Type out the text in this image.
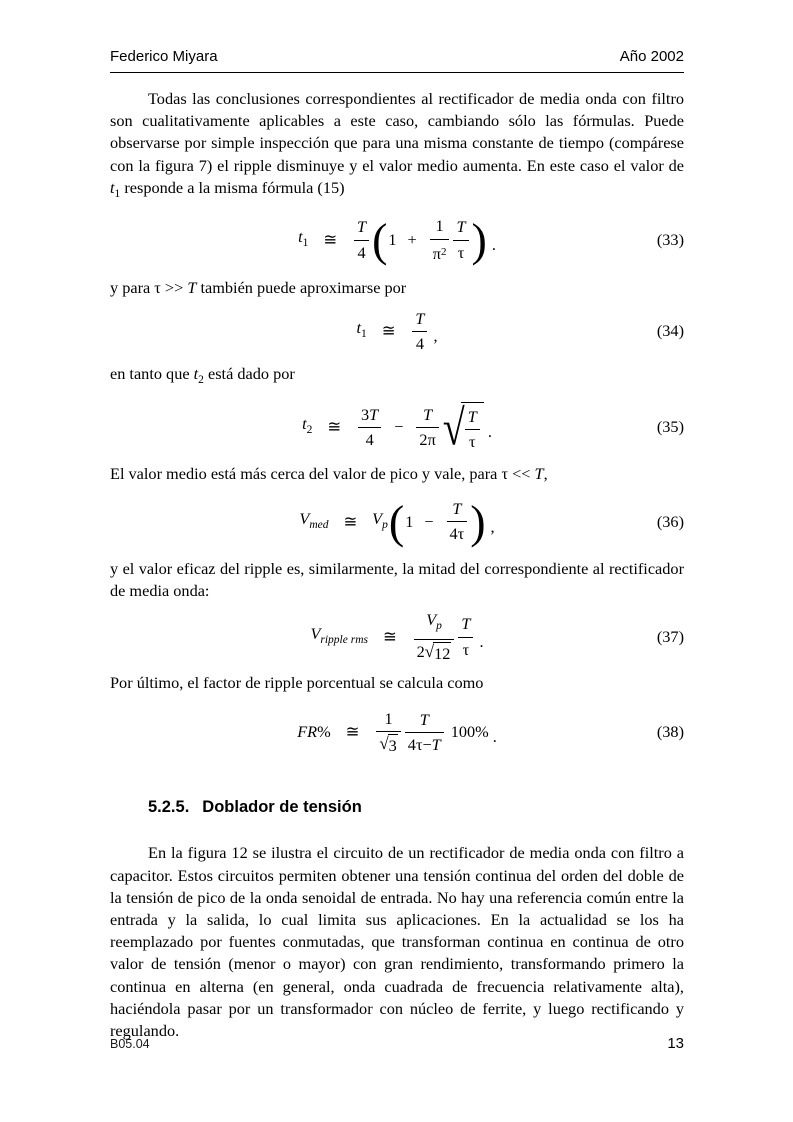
Federico Miyara	Año 2002

Todas las conclusiones correspondientes al rectificador de media onda con filtro son cualitativamente aplicables a este caso, cambiando sólo las fórmulas. Puede observarse por simple inspección que para una misma constante de tiempo (compárese con la figura 7) el ripple disminuye y el valor medio aumenta. En este caso el valor de $t_1$ responde a la misma fórmula (15)

$t_1$ ≅ $\frac{T}{4}$ ( $1 + \frac{1}{\pi^2} \frac{T}{\tau}$ ) .	(33)

y para τ >> T también puede aproximarse por

$t_1$ ≅ $\frac{T}{4}$ ,	(34)

en tanto que $t_2$ está dado por

$t_2$ ≅ $\frac{3T}{4} - \frac{T}{2\pi}$ √ $\frac{T}{\tau}$ .	(35)

El valor medio está más cerca del valor de pico y vale, para τ << T,

$V_{med}$ ≅ $V_p$ ( $1 - \frac{T}{4\tau}$ ) ,	(36)

y el valor eficaz del ripple es, similarmente, la mitad del correspondiente al rectificador de media onda:

$V_{ripple rms}$ ≅ $\frac{V_p}{2 √ 12} \frac{T}{\tau}$ .	(37)

Por último, el factor de ripple porcentual se calcula como

FR% ≅ $\frac{1}{√ 3} \frac{T}{4\tau-T} 100\%$ .	(38)

5.2.5. Doblador de tensión

En la figura 12 se ilustra el circuito de un rectificador de media onda con filtro a capacitor. Estos circuitos permiten obtener una tensión continua del orden del doble de la tensión de pico de la onda senoidal de entrada. No hay una referencia común entre la entrada y la salida, lo cual limita sus aplicaciones. En la actualidad se los ha reemplazado por fuentes conmutadas, que transforman continua en continua de otro valor de tensión (menor o mayor) con gran rendimiento, transformando primero la continua en alterna (en general, onda cuadrada de frecuencia relativamente alta), haciéndola pasar por un transformador con núcleo de ferrite, y luego rectificando y regulando.

B05.04	13
